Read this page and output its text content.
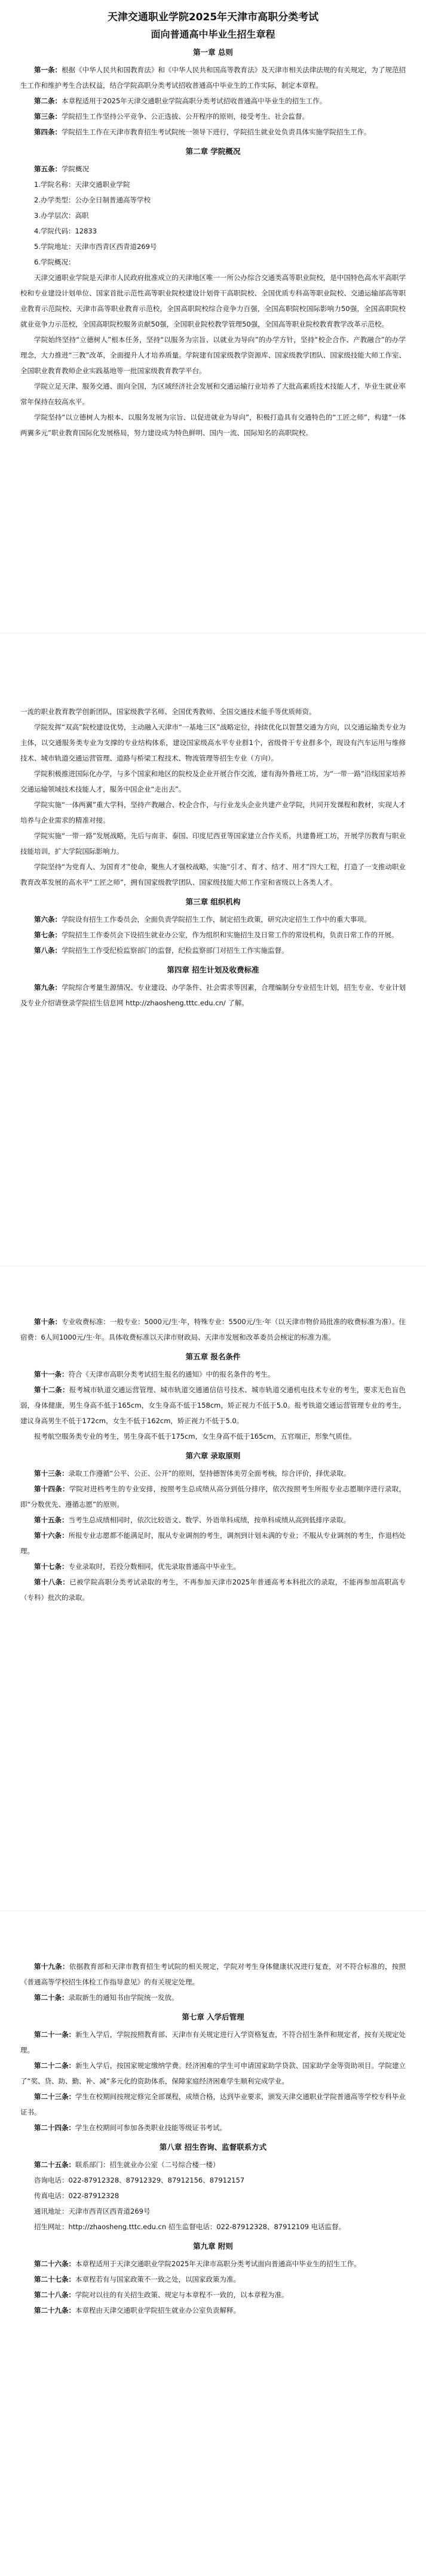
天津交通职业学院2025年天津市高职分类考试
面向普通高中毕业生招生章程
第一章 总则

第一条：根据《中华人民共和国教育法》和《中华人民共和国高等教育法》及天津市相关法律法规的有关规定，为了规范招生工作和维护考生合法权益，结合学院高职分类考试招收普通高中毕业生的工作实际，制定本章程。

第二条：本章程适用于2025年天津交通职业学院高职分类考试招收普通高中毕业生的招生工作。

第三条：学院招生工作坚持公平竞争、公正选拔、公开程序的原则，接受考生、社会监督。

第四条：学院招生工作在天津市教育招生考试院统一领导下进行，学院招生就业处负责具体实施学院招生工作。

第二章 学院概况

第五条：学院概况

1.学院名称：天津交通职业学院

2.办学类型：公办全日制普通高等学校

3.办学层次：高职

4.学院代码：12833

5.学院地址：天津市西青区西青道269号

6.学院概况：

天津交通职业学院是天津市人民政府批准成立的天津地区唯一一所公办综合交通类高等职业院校，是中国特色高水平高职学校和专业建设计划单位、国家首批示范性高等职业院校建设计划骨干高职院校、全国优质专科高等职业院校、交通运输部高等职业教育示范院校、天津市高等职业教育示范校，全国高职院校综合竞争力百强，全国高职院校国际影响力50强，全国高职院校就业竞争力示范校，全国高职院校服务贡献50强，全国职业院校教学管理50强，全国高等职业院校教育教学改革示范校。

学院始终坚持“立德树人”根本任务，坚持“以服务为宗旨、以就业为导向”的办学方针，坚持“校企合作、产教融合”的办学理念，大力推进“三教”改革，全面提升人才培养质量。学院建有国家级教学资源库、国家级教学团队、国家级技能大师工作室、全国职业教育教师企业实践基地等一批国家级教育教学平台。

学院立足天津、服务交通、面向全国，为区域经济社会发展和交通运输行业培养了大批高素质技术技能人才，毕业生就业率常年保持在较高水平。

学院坚持“以立德树人为根本、以服务发展为宗旨、以促进就业为导向”，积极打造具有交通特色的“工匠之师”，构建“一体两翼多元”职业教育国际化发展格局，努力建设成为特色鲜明、国内一流、国际知名的高职院校。

一流的职业教育教学创新团队，国家级教学名师、全国优秀教师、全国交通技术能手等优质师资。

学院发挥“双高”院校建设优势，主动融入天津市“一基地三区”战略定位，持续优化以智慧交通为方向，以交通运输类专业为主体，以交通服务类专业为支撑的专业结构体系，建设国家级高水平专业群1个，省级骨干专业群多个，现设有汽车运用与维修技术、城市轨道交通运营管理、道路与桥梁工程技术、物流管理等招生专业（方向）。

学院积极推进国际化办学，与多个国家和地区的院校及企业开展合作交流，建有海外鲁班工坊，为“一带一路”沿线国家培养交通运输领域技术技能人才，服务中国企业“走出去”。

学院实施“一体两翼”重大学科，坚持产教融合、校企合作，与行业龙头企业共建产业学院，共同开发课程和教材，实现人才培养与企业需求的精准对接。

学院实施“一带一路”发展战略，先后与南非、泰国、印度尼西亚等国家建立合作关系，共建鲁班工坊，开展学历教育与职业技能培训，扩大学院国际影响力。

学院坚持“为党育人、为国育才”使命，聚焦人才强校战略，实施“引才、育才、结才、用才”四大工程，打造了一支推动职业教育改革发展的高水平“工匠之师”，拥有国家级教学团队、国家级技能大师工作室和省级以上各类人才。

第三章 组织机构

第六条：学院设有招生工作委员会，全面负责学院招生工作，制定招生政策，研究决定招生工作中的重大事项。

第七条：学院招生工作委员会下设招生就业办公室，作为组织和实施招生及日常工作的常设机构，负责日常工作的开展。

第八条：学院招生工作受纪检监察部门的监督，纪检监察部门对招生工作实施监督。

第四章 招生计划及收费标准

第九条：学院综合考量生源情况、专业建设、办学条件、社会需求等因素，合理编制分专业招生计划，招生专业、专业计划及专业介绍请登录学院招生信息网 http://zhaosheng.tttc.edu.cn/ 了解。

第十条：专业收费标准：一般专业：5000元/生·年，特殊专业：5500元/生·年（以天津市物价局批准的收费标准为准）。住宿费：6人间1000元/生·年。具体收费标准以天津市财政局、天津市发展和改革委员会核定的标准为准。

第五章 报名条件

第十一条：符合《天津市高职分类考试招生报名的通知》中的报名条件的考生。

第十二条：报考城市轨道交通运营管理、城市轨道交通通信信号技术、城市轨道交通机电技术专业的考生，要求无色盲色弱，身体健康，男生身高不低于165cm，女生身高不低于158cm，矫正视力不低于5.0。报考铁道交通运营管理专业的考生，建议身高男生不低于172cm，女生不低于162cm，矫正视力不低于5.0。

报考航空服务类专业的考生，男生身高不低于175cm，女生身高不低于165cm，五官端正，形象气质佳。

第六章 录取原则

第十三条：录取工作遵循“公平、公正、公开”的原则，坚持德智体美劳全面考核，综合评价，择优录取。

第十四条：学院对进档考生的专业安排，按照考生总成绩从高分到低分排序，依次按照考生所报专业志愿顺序进行录取，即“分数优先、遵循志愿”的原则。

第十五条：当考生总成绩相同时，依次比较语文、数学、外语单科成绩，按单科成绩从高到低排序录取。

第十六条：所报专业志愿都不能满足时，服从专业调剂的考生，调剂到计划未满的专业；不服从专业调剂的考生，作退档处理。

第十七条：专业录取时，若投分数相同，优先录取普通高中毕业生。

第十八条：已被学院高职分类考试录取的考生，不再参加天津市2025年普通高考本科批次的录取，不能再参加高职高专（专科）批次的录取。

第十九条：依据教育部和天津市教育招生考试院的相关规定，学院对考生身体健康状况进行复查，对不符合标准的，按照《普通高等学校招生体检工作指导意见》的有关规定处理。

第二十条：录取新生的通知书由学院统一发放。

第七章 入学后管理

第二十一条：新生入学后，学院按照教育部、天津市有关规定进行入学资格复查，不符合招生条件和规定者，按有关规定处理。

第二十二条：新生入学后，按国家规定缴纳学费。经济困难的学生可申请国家助学贷款、国家助学金等资助项目。学院建立了“奖、贷、助、勤、补、减”多元化的资助体系，保障家庭经济困难学生顺利完成学业。

第二十三条：学生在校期间按规定修完全部课程，成绩合格，达到毕业要求，颁发天津交通职业学院普通高等学校专科毕业证书。

第二十四条：学生在校期间可参加各类职业技能等级证书考试。

第八章 招生咨询、监督联系方式

第二十五条：联系部门：招生就业办公室（二号综合楼一楼）

咨询电话：022-87912328、87912329、87912156、87912157

传真电话：022-87912328

通讯地址：天津市西青区西青道269号

招生网址：http://zhaosheng.tttc.edu.cn 招生监督电话：022-87912328、87912109 电话监督。

第九章 附则

第二十六条：本章程适用于天津交通职业学院2025年天津市高职分类考试面向普通高中毕业生的招生工作。

第二十七条：本章程若有与国家政策不一致之处，以国家政策为准。

第二十八条：学院对以往的有关招生政策、规定与本章程不一致的，以本章程为准。

第二十九条：本章程由天津交通职业学院招生就业办公室负责解释。
